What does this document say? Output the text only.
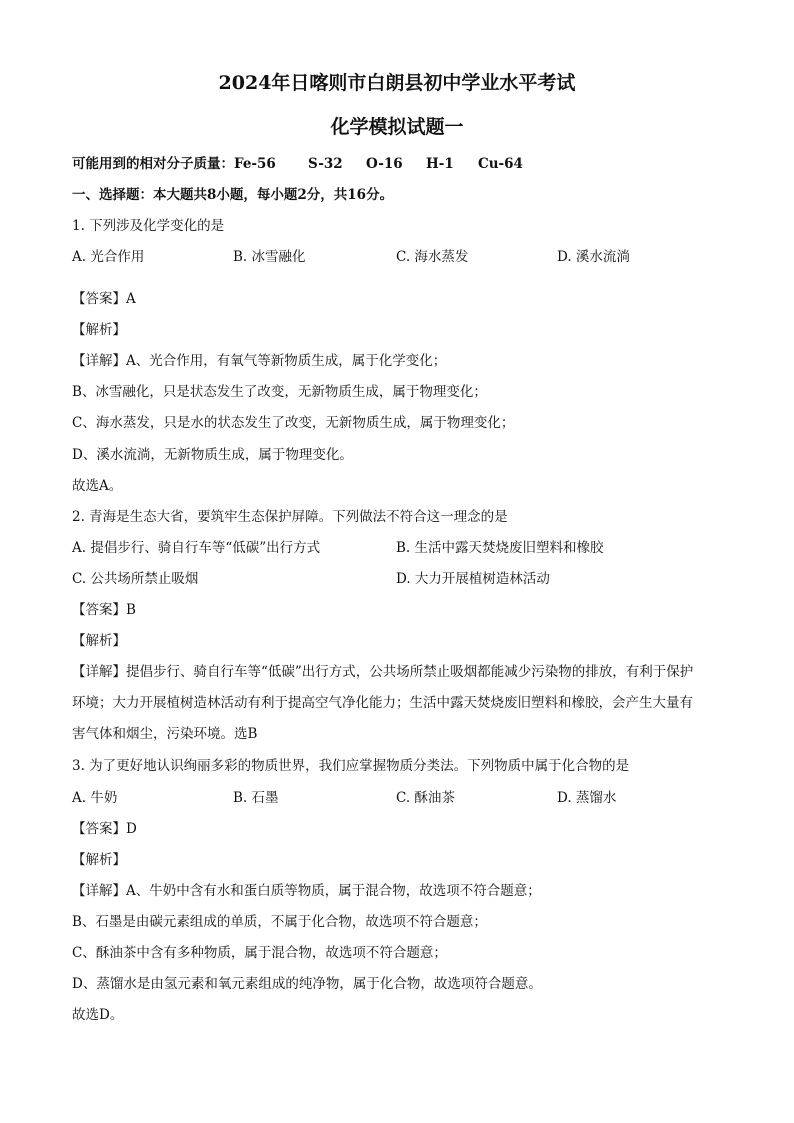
2024年日喀则市白朗县初中学业水平考试
化学模拟试题一
可能用到的相对分子质量：Fe-56 S-32 O-16 H-1 Cu-64
一、选择题：本大题共8小题，每小题2分，共16分。
1. 下列涉及化学变化的是
A. 光合作用	B. 冰雪融化	C. 海水蒸发	D. 溪水流淌
【答案】A
【解析】
【详解】A、光合作用，有氧气等新物质生成，属于化学变化；
B、冰雪融化，只是状态发生了改变，无新物质生成，属于物理变化；
C、海水蒸发，只是水的状态发生了改变，无新物质生成，属于物理变化；
D、溪水流淌，无新物质生成，属于物理变化。
故选A。
2. 青海是生态大省，要筑牢生态保护屏障。下列做法不符合这一理念的是
A. 提倡步行、骑自行车等“低碳”出行方式	B. 生活中露天焚烧废旧塑料和橡胶
C. 公共场所禁止吸烟	D. 大力开展植树造林活动
【答案】B
【解析】
【详解】提倡步行、骑自行车等“低碳”出行方式，公共场所禁止吸烟都能减少污染物的排放，有利于保护
环境；大力开展植树造林活动有利于提高空气净化能力；生活中露天焚烧废旧塑料和橡胶，会产生大量有
害气体和烟尘，污染环境。选B
3. 为了更好地认识绚丽多彩的物质世界，我们应掌握物质分类法。下列物质中属于化合物的是
A. 牛奶	B. 石墨	C. 酥油茶	D. 蒸馏水
【答案】D
【解析】
【详解】A、牛奶中含有水和蛋白质等物质，属于混合物，故选项不符合题意；
B、石墨是由碳元素组成的单质，不属于化合物，故选项不符合题意；
C、酥油茶中含有多种物质，属于混合物，故选项不符合题意；
D、蒸馏水是由氢元素和氧元素组成的纯净物，属于化合物，故选项符合题意。
故选D。
